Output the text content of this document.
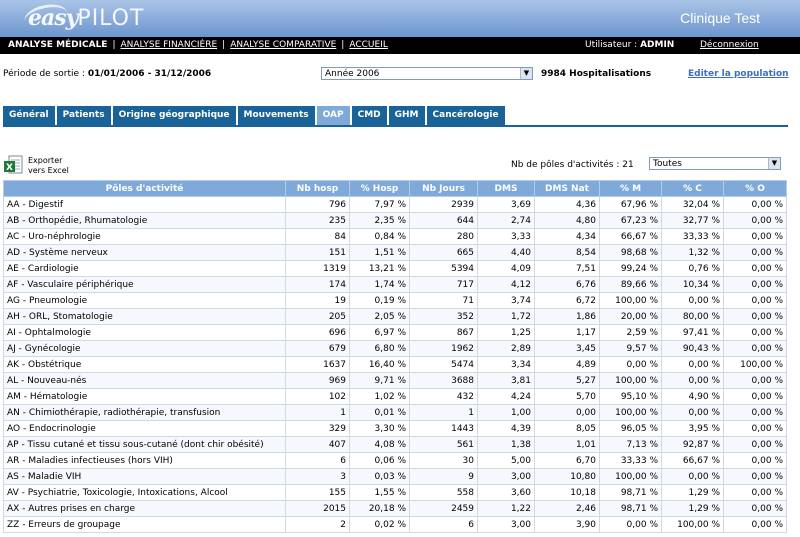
easy PILOT	Clinique Test
ANALYSE MÉDICALE | ANALYSE FINANCIÈRE | ANALYSE COMPARATIVE | ACCUEIL	Utilisateur : ADMIN	Déconnexion
Période de sortie : 01/01/2006 - 31/12/2006	Année 2006	▼	9984 Hospitalisations	Editer la population
Général	Patients	Origine géographique	Mouvements	OAP	CMD	GHM	Cancérologie
X
Exporter
vers Excel
Nb de pôles d'activités : 21 Toutes	▼
Pôles d'activité	Nb hosp	% Hosp	Nb Jours	DMS	DMS Nat	% M	% C	% O
AA - Digestif	796	7,97 %	2939	3,69	4,36	67,96 %	32,04 %	0,00 %
AB - Orthopédie, Rhumatologie	235	2,35 %	644	2,74	4,80	67,23 %	32,77 %	0,00 %
AC - Uro-néphrologie	84	0,84 %	280	3,33	4,34	66,67 %	33,33 %	0,00 %
AD - Système nerveux	151	1,51 %	665	4,40	8,54	98,68 %	1,32 %	0,00 %
AE - Cardiologie	1319	13,21 %	5394	4,09	7,51	99,24 %	0,76 %	0,00 %
AF - Vasculaire périphérique	174	1,74 %	717	4,12	6,76	89,66 %	10,34 %	0,00 %
AG - Pneumologie	19	0,19 %	71	3,74	6,72	100,00 %	0,00 %	0,00 %
AH - ORL, Stomatologie	205	2,05 %	352	1,72	1,86	20,00 %	80,00 %	0,00 %
AI - Ophtalmologie	696	6,97 %	867	1,25	1,17	2,59 %	97,41 %	0,00 %
AJ - Gynécologie	679	6,80 %	1962	2,89	3,45	9,57 %	90,43 %	0,00 %
AK - Obstétrique	1637	16,40 %	5474	3,34	4,89	0,00 %	0,00 %	100,00 %
AL - Nouveau-nés	969	9,71 %	3688	3,81	5,27	100,00 %	0,00 %	0,00 %
AM - Hématologie	102	1,02 %	432	4,24	5,70	95,10 %	4,90 %	0,00 %
AN - Chimiothérapie, radiothérapie, transfusion	1	0,01 %	1	1,00	0,00	100,00 %	0,00 %	0,00 %
AO - Endocrinologie	329	3,30 %	1443	4,39	8,05	96,05 %	3,95 %	0,00 %
AP - Tissu cutané et tissu sous-cutané (dont chir obésité)	407	4,08 %	561	1,38	1,01	7,13 %	92,87 %	0,00 %
AR - Maladies infectieuses (hors VIH)	6	0,06 %	30	5,00	6,70	33,33 %	66,67 %	0,00 %
AS - Maladie VIH	3	0,03 %	9	3,00	10,80	100,00 %	0,00 %	0,00 %
AV - Psychiatrie, Toxicologie, Intoxications, Alcool	155	1,55 %	558	3,60	10,18	98,71 %	1,29 %	0,00 %
AX - Autres prises en charge	2015	20,18 %	2459	1,22	2,46	98,71 %	1,29 %	0,00 %
ZZ - Erreurs de groupage	2	0,02 %	6	3,00	3,90	0,00 %	100,00 %	0,00 %
